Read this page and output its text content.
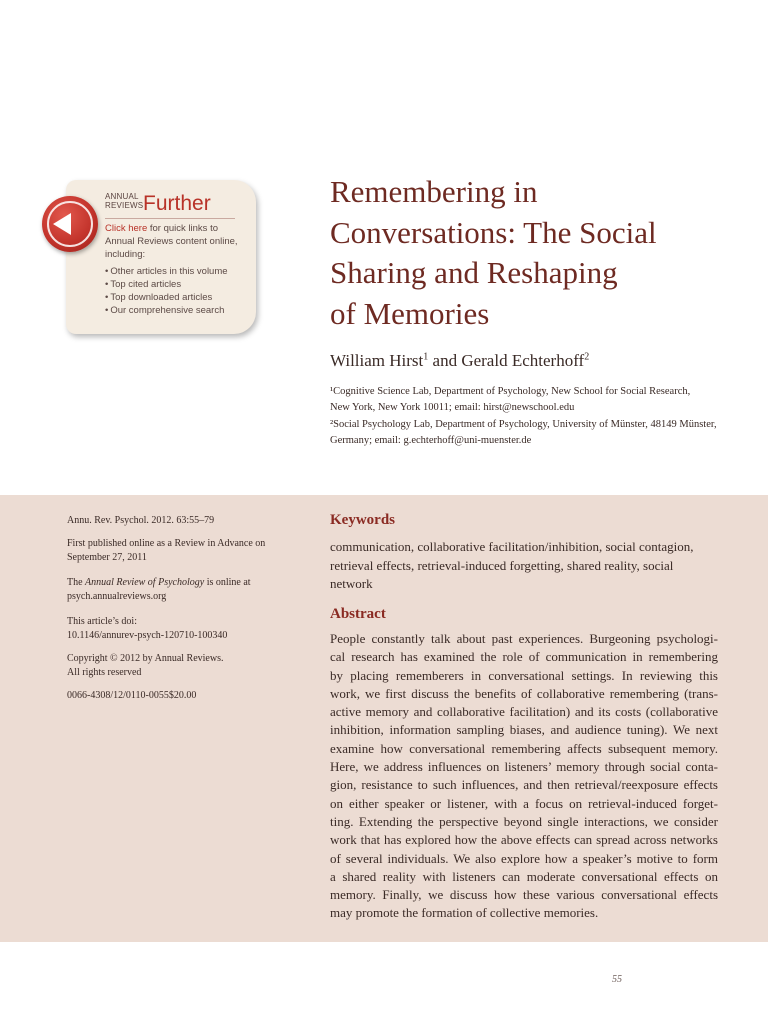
ANNUAL
REVIEWS Further
Click here for quick links to
Annual Reviews content online,
including:
• Other articles in this volume
• Top cited articles
• Top downloaded articles
• Our comprehensive search
Remembering in
Conversations: The Social
Sharing and Reshaping
of Memories
William Hirst$^1$ and Gerald Echterhoff$^2$
¹Cognitive Science Lab, Department of Psychology, New School for Social Research,
New York, New York 10011; email: hirst@newschool.edu
²Social Psychology Lab, Department of Psychology, University of Münster, 48149 Münster,
Germany; email: g.echterhoff@uni-muenster.de
Annu. Rev. Psychol. 2012. 63:55–79
First published online as a Review in Advance on
September 27, 2011
The Annual Review of Psychology is online at
psych.annualreviews.org
This article’s doi:
10.1146/annurev-psych-120710-100340
Copyright © 2012 by Annual Reviews.
All rights reserved
0066-4308/12/0110-0055$20.00
Keywords
communication, collaborative facilitation/inhibition, social contagion,
retrieval effects, retrieval-induced forgetting, shared reality, social
network
Abstract
People constantly talk about past experiences. Burgeoning psychologi-
cal research has examined the role of communication in remembering
by placing rememberers in conversational settings. In reviewing this
work, we first discuss the benefits of collaborative remembering (trans-
active memory and collaborative facilitation) and its costs (collaborative
inhibition, information sampling biases, and audience tuning). We next
examine how conversational remembering affects subsequent memory.
Here, we address influences on listeners’ memory through social conta-
gion, resistance to such influences, and then retrieval/reexposure effects
on either speaker or listener, with a focus on retrieval-induced forget-
ting. Extending the perspective beyond single interactions, we consider
work that has explored how the above effects can spread across networks
of several individuals. We also explore how a speaker’s motive to form
a shared reality with listeners can moderate conversational effects on
memory. Finally, we discuss how these various conversational effects
may promote the formation of collective memories.
55
